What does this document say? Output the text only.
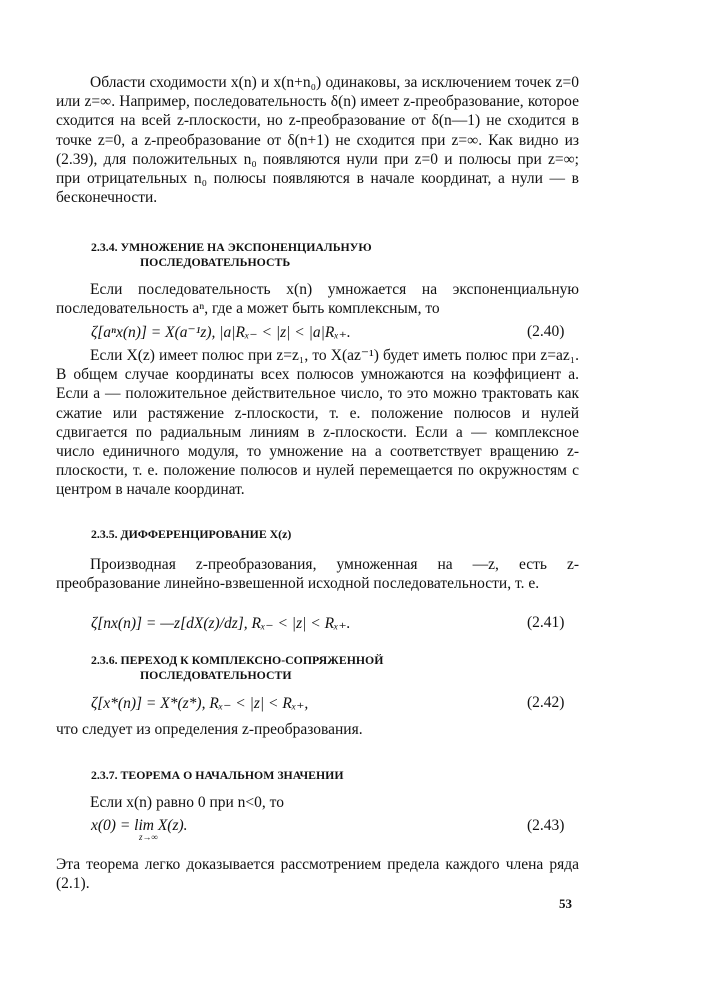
Области сходимости x(n) и x(n+n₀) одинаковы, за исключением точек z=0 или z=∞. Например, последовательность δ(n) имеет z-преобразование, которое сходится на всей z-плоскости, но z-преобразование от δ(n—1) не сходится в точке z=0, а z-преобразование от δ(n+1) не сходится при z=∞. Как видно из (2.39), для положительных n₀ появляются нули при z=0 и полюсы при z=∞; при отрицательных n₀ полюсы появляются в начале координат, а нули — в бесконечности.

2.3.4. УМНОЖЕНИЕ НА ЭКСПОНЕНЦИАЛЬНУЮ
ПОСЛЕДОВАТЕЛЬНОСТЬ

Если последовательность x(n) умножается на экспоненциальную последовательность aⁿ, где a может быть комплексным, то

ζ[aⁿx(n)] = X(a⁻¹z), |a|Rₓ₋ < |z| < |a|Rₓ₊.	(2.40)

Если X(z) имеет полюс при z=z₁, то X(az⁻¹) будет иметь полюс при z=az₁. В общем случае координаты всех полюсов умножаются на коэффициент a. Если a — положительное действительное число, то это можно трактовать как сжатие или растяжение z-плоскости, т. е. положение полюсов и нулей сдвигается по радиальным линиям в z-плоскости. Если a — комплексное число единичного модуля, то умножение на a соответствует вращению z-плоскости, т. е. положение полюсов и нулей перемещается по окружностям с центром в начале координат.

2.3.5. ДИФФЕРЕНЦИРОВАНИЕ X(z)

Производная z-преобразования, умноженная на —z, есть z-преобразование линейно-взвешенной исходной последовательности, т. е.

ζ[nx(n)] = —z[dX(z)/dz], Rₓ₋ < |z| < Rₓ₊.	(2.41)
2.3.6. ПЕРЕХОД К КОМПЛЕКСНО-СОПРЯЖЕННОЙ
ПОСЛЕДОВАТЕЛЬНОСТИ
ζ[x*(n)] = X*(z*), Rₓ₋ < |z| < Rₓ₊,	(2.42)

что следует из определения z-преобразования.

2.3.7. ТЕОРЕМА О НАЧАЛЬНОМ ЗНАЧЕНИИ

Если x(n) равно 0 при n<0, то

x(0) = lim X(z).
z→∞
(2.43)

Эта теорема легко доказывается рассмотрением предела каждого члена ряда (2.1).

53
